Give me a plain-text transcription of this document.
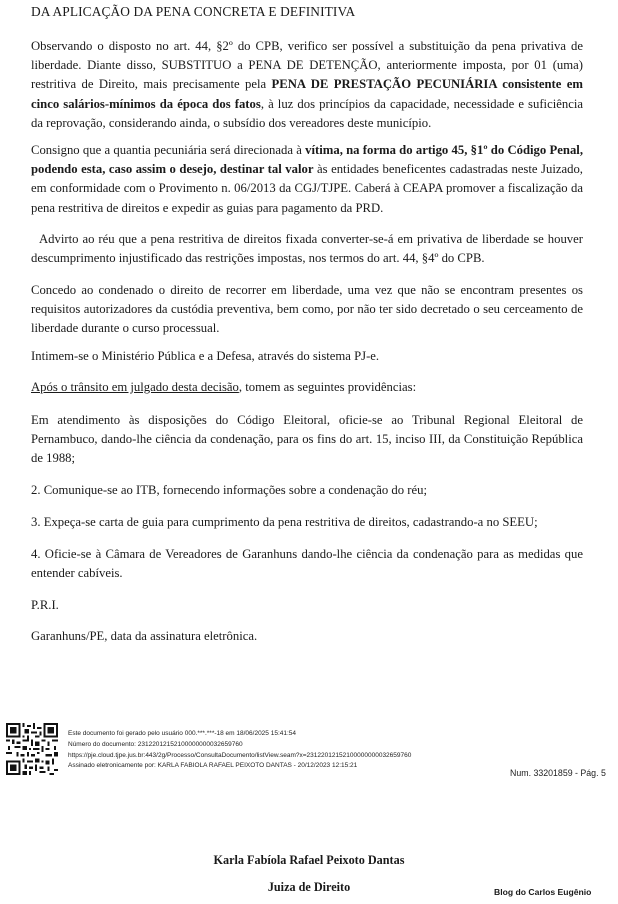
DA APLICAÇÃO DA PENA CONCRETA E DEFINITIVA

Observando o disposto no art. 44, §2º do CPB, verifico ser possível a substituição da pena privativa de liberdade. Diante disso, SUBSTITUO a PENA DE DETENÇÃO, anteriormente imposta, por 01 (uma) restritiva de Direito, mais precisamente pela PENA DE PRESTAÇÃO PECUNIÁRIA consistente em cinco salários-mínimos da época dos fatos, à luz dos princípios da capacidade, necessidade e suficiência da reprovação, considerando ainda, o subsídio dos vereadores deste município.

Consigno que a quantia pecuniária será direcionada à vítima, na forma do artigo 45, §1º do Código Penal, podendo esta, caso assim o desejo, destinar tal valor às entidades beneficentes cadastradas neste Juizado, em conformidade com o Provimento n. 06/2013 da CGJ/TJPE. Caberá à CEAPA promover a fiscalização da pena restritiva de direitos e expedir as guias para pagamento da PRD.

Advirto ao réu que a pena restritiva de direitos fixada converter-se-á em privativa de liberdade se houver descumprimento injustificado das restrições impostas, nos termos do art. 44, §4º do CPB.

Concedo ao condenado o direito de recorrer em liberdade, uma vez que não se encontram presentes os requisitos autorizadores da custódia preventiva, bem como, por não ter sido decretado o seu cerceamento de liberdade durante o curso processual.

Intimem-se o Ministério Pública e a Defesa, através do sistema PJ-e.

Após o trânsito em julgado desta decisão, tomem as seguintes providências:

Em atendimento às disposições do Código Eleitoral, oficie-se ao Tribunal Regional Eleitoral de Pernambuco, dando-lhe ciência da condenação, para os fins do art. 15, inciso III, da Constituição República de 1988;

2. Comunique-se ao ITB, fornecendo informações sobre a condenação do réu;

3. Expeça-se carta de guia para cumprimento da pena restritiva de direitos, cadastrando-a no SEEU;

4. Oficie-se à Câmara de Vereadores de Garanhuns dando-lhe ciência da condenação para as medidas que entender cabíveis.

P.R.I.

Garanhuns/PE, data da assinatura eletrônica.

Este documento foi gerado pelo usuário 000.***.***-18 em 18/06/2025 15:41:54
Número do documento: 23122012152100000000032659760
https://pje.cloud.tjpe.jus.br:443/2g/Processo/ConsultaDocumento/listView.seam?x=23122012152100000000032659760
Assinado eletronicamente por: KARLA FABIOLA RAFAEL PEIXOTO DANTAS - 20/12/2023 12:15:21
Num. 33201859 - Pág. 5
Karla Fabíola Rafael Peixoto Dantas
Juiza de Direito	Blog do Carlos Eugênio
